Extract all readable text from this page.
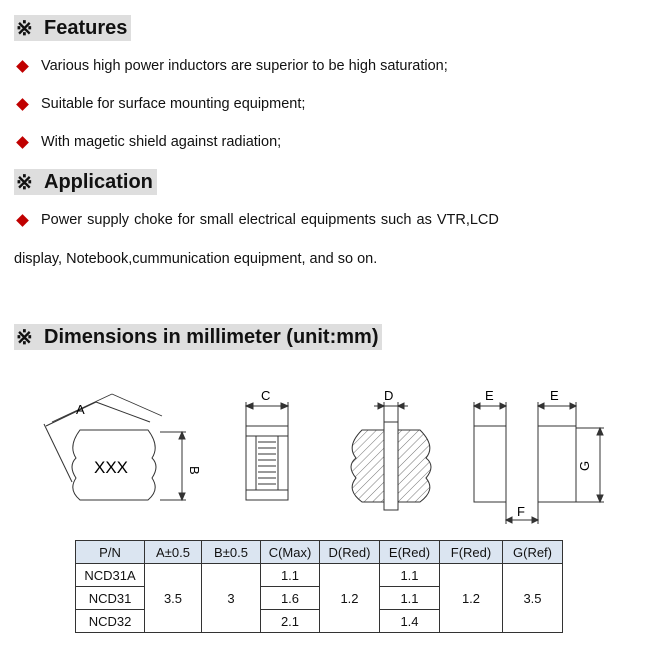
※ Features
Various high power inductors are superior to be high saturation;
Suitable for surface mounting equipment;
With magetic shield against radiation;
※ Application
Power supply choke for small electrical equipments such as VTR,LCD
display, Notebook,cummunication equipment, and so on.
※ Dimensions in millimeter (unit:mm)
A
B
XXX
C	D	E	E
F
G
P/N	A±0.5	B±0.5	C(Max)	D(Red)	E(Red)	F(Red)	G(Ref)
NCD31A	3.5	3	1.1	1.2	1.1	1.2	3.5
NCD31			1.6		1.1		
NCD32			2.1		1.4		
